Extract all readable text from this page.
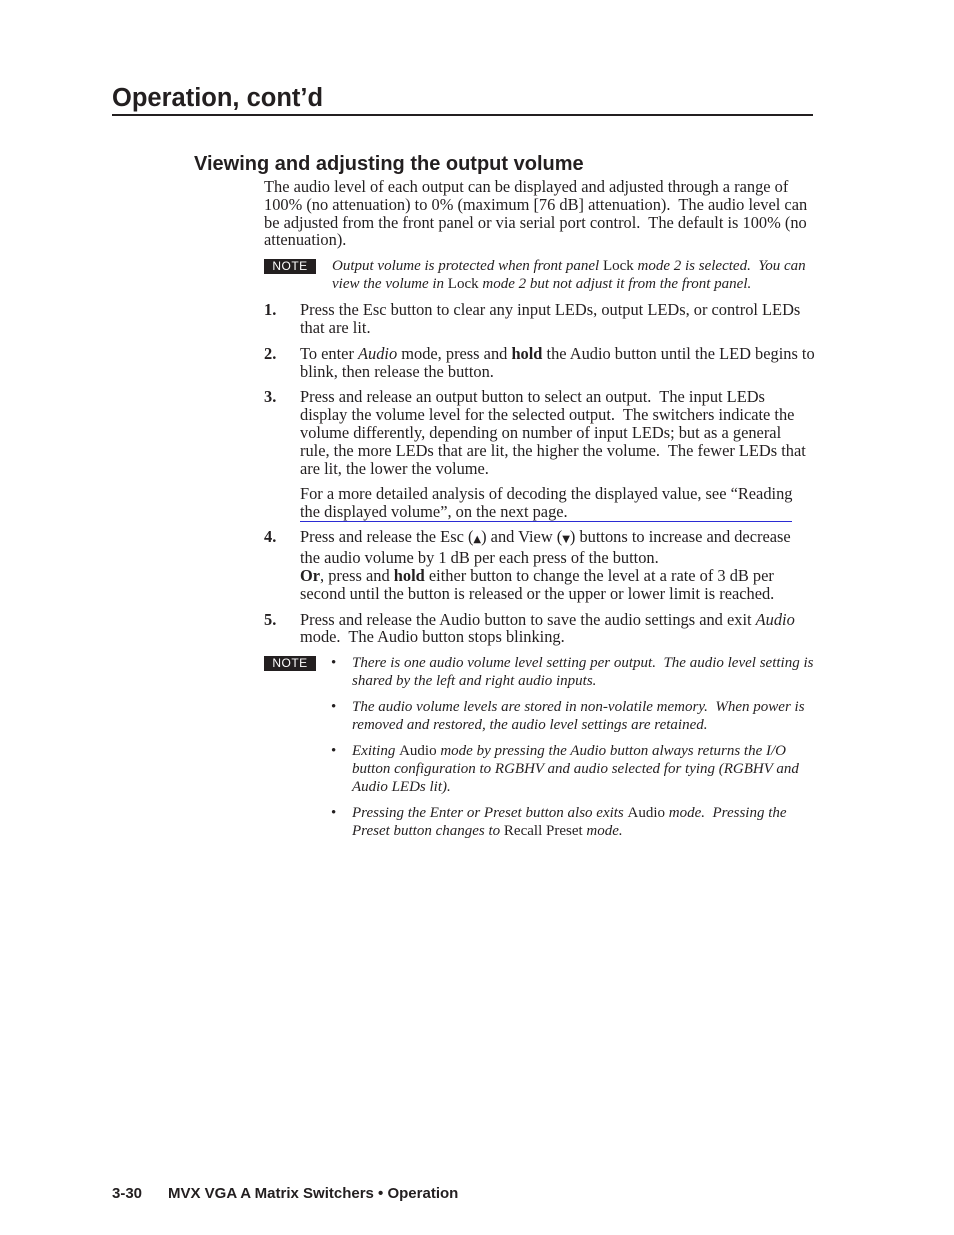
Operation, cont’d
Viewing and adjusting the output volume

The audio level of each output can be displayed and adjusted through a range of
100% (no attenuation) to 0% (maximum [76 dB] attenuation).  The audio level can
be adjusted from the front panel or via serial port control.  The default is 100% (no
attenuation).

NOTE	Output volume is protected when front panel Lock mode 2 is selected.  You can
view the volume in Lock mode 2 but not adjust it from the front panel.

1.	Press the Esc button to clear any input LEDs, output LEDs, or control LEDs
that are lit.

2.	To enter Audio mode, press and hold the Audio button until the LED begins to
blink, then release the button.

3.	Press and release an output button to select an output.  The input LEDs
display the volume level for the selected output.  The switchers indicate the
volume differently, depending on number of input LEDs; but as a general
rule, the more LEDs that are lit, the higher the volume.  The fewer LEDs that
are lit, the lower the volume.

For a more detailed analysis of decoding the displayed value, see “Reading
the displayed volume”, on the next page.
4.	Press and release the Esc (▲) and View (▼) buttons to increase and decrease
the audio volume by 1 dB per each press of the button.

Or, press and hold either button to change the level at a rate of 3 dB per
second until the button is released or the upper or lower limit is reached.

5.	Press and release the Audio button to save the audio settings and exit Audio
mode.  The Audio button stops blinking.

NOTE	•	There is one audio volume level setting per output.  The audio level setting is
shared by the left and right audio inputs.

•	The audio volume levels are stored in non-volatile memory.  When power is
removed and restored, the audio level settings are retained.

•	Exiting Audio mode by pressing the Audio button always returns the I/O
button configuration to RGBHV and audio selected for tying (RGBHV and
Audio LEDs lit).

•	Pressing the Enter or Preset button also exits Audio mode.  Pressing the
Preset button changes to Recall Preset mode.

3-30 MVX VGA A Matrix Switchers • Operation
